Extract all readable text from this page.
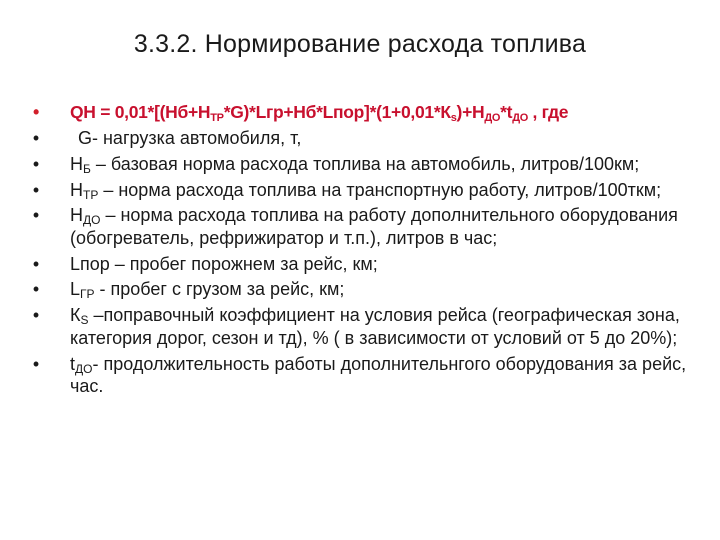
3.3.2. Нормирование расхода топлива
• QН = $0,01*[(Нб+Н_{ТР}*G)*Lгр+Нб*Lпор]*(1+0,01*К_s)+Н_{ДО}*t_{ДО}$ , где
• G- нагрузка автомобиля, т,
• $Н_Б$ – базовая норма расхода топлива на автомобиль, литров/100км;
• $Н_{ТР}$ – норма расхода топлива на транспортную работу, литров/100ткм;
• $Н_{ДО}$ – норма расхода топлива на работу дополнительного оборудования (обогреватель, рефрижиратор и т.п.), литров в час;
• Lпор – пробег порожнем за рейс, км;
• $L_{ГР}$ - пробег с грузом за рейс, км;
• $К_S$ –поправочный коэффициент на условия рейса (географическая зона, категория дорог, сезон и тд), % ( в зависимости от условий от 5 до 20%);
• $t_{ДО}-$ продолжительность работы дополнительнгого оборудования за рейс, час.
